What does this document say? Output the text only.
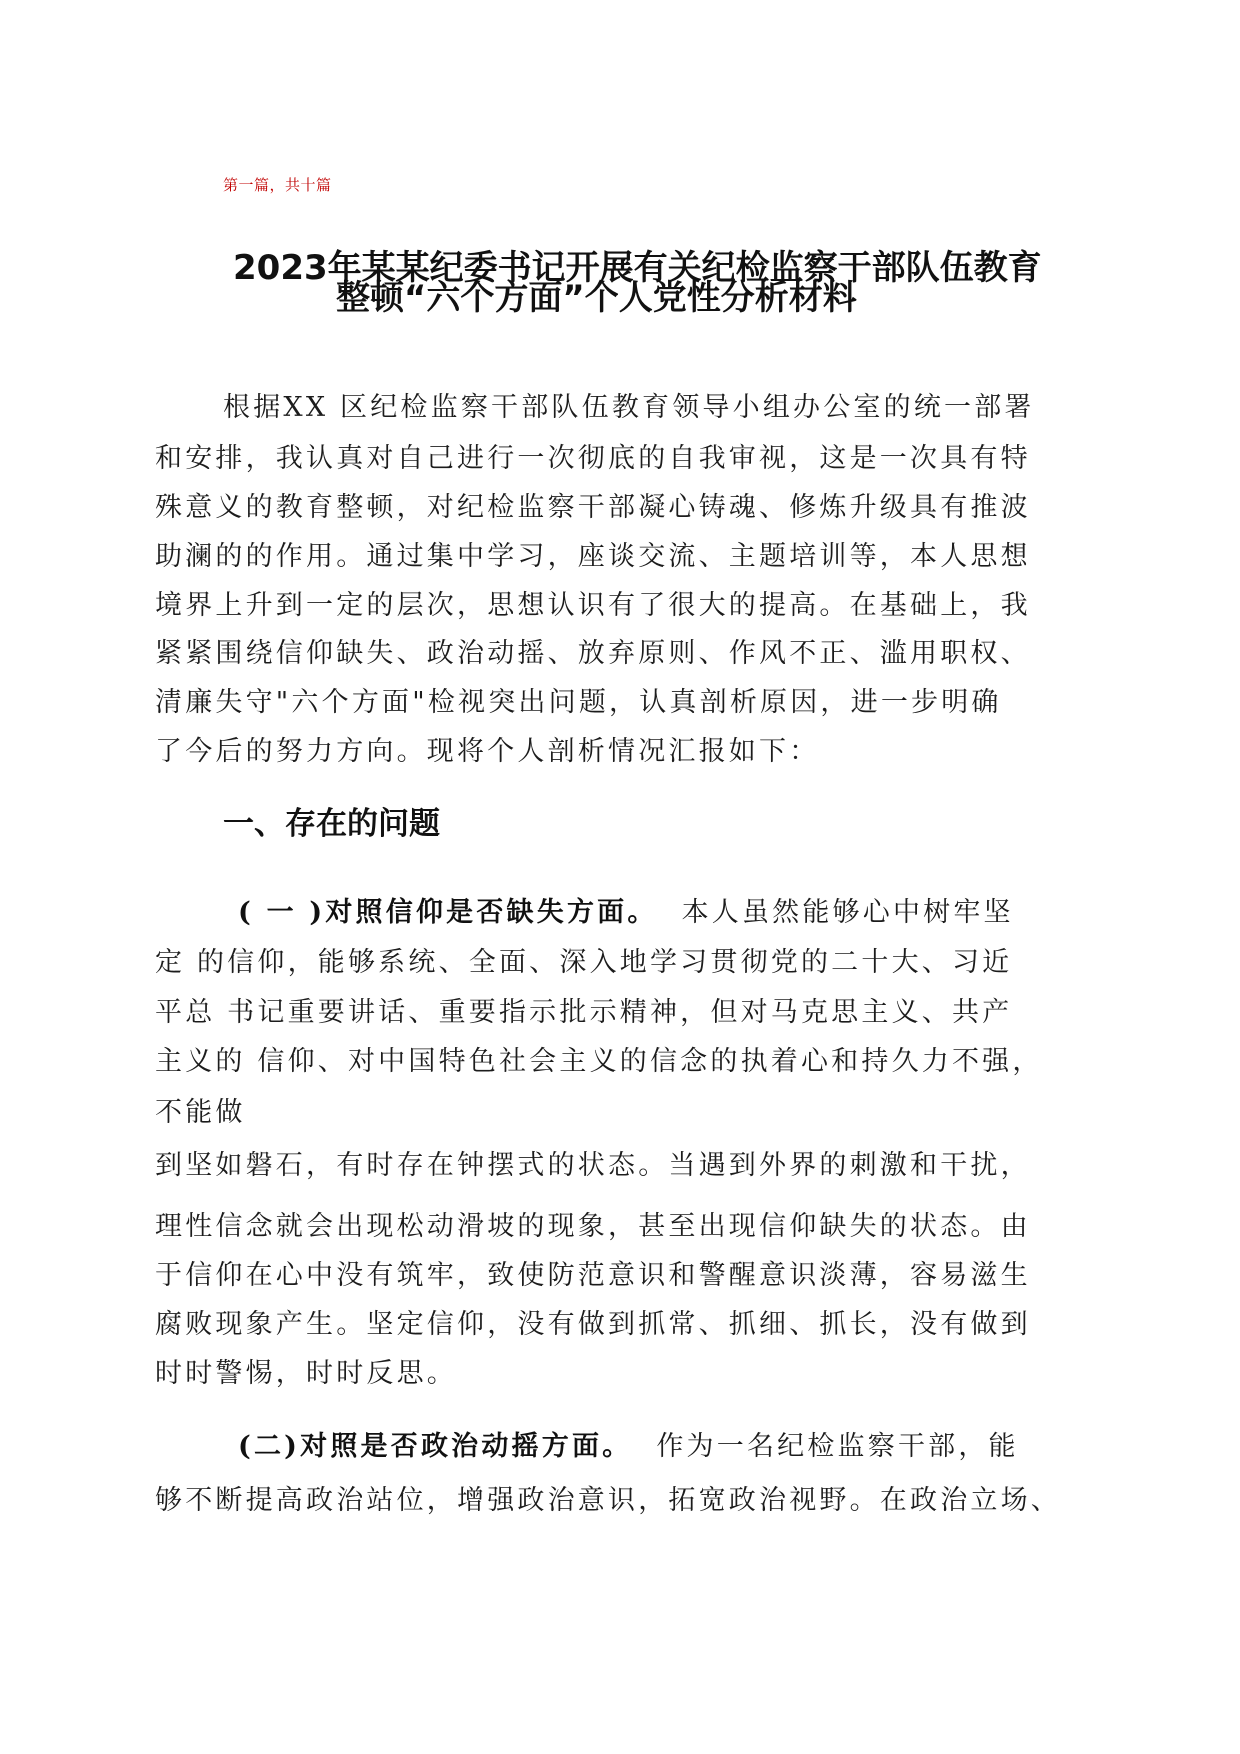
第一篇，共十篇
2023年某某纪委书记开展有关纪检监察干部队伍教育
整顿“六个方面”个人党性分析材料
根据XX 区纪检监察干部队伍教育领导小组办公室的统一部署
和安排，我认真对自己进行一次彻底的自我审视，这是一次具有特
殊意义的教育整顿，对纪检监察干部凝心铸魂、修炼升级具有推波
助澜的的作用。通过集中学习，座谈交流、主题培训等，本人思想
境界上升到一定的层次，思想认识有了很大的提高。在基础上，我
紧紧围绕信仰缺失、政治动摇、放弃原则、作风不正、滥用职权、
清廉失守"六个方面"检视突出问题，认真剖析原因，进一步明确
了今后的努力方向。现将个人剖析情况汇报如下：
一、存在的问题
( 一 )对照信仰是否缺失方面。 本人虽然能够心中树牢坚
定 的信仰，能够系统、全面、深入地学习贯彻党的二十大、习近
平总 书记重要讲话、重要指示批示精神，但对马克思主义、共产
主义的 信仰、对中国特色社会主义的信念的执着心和持久力不强，
不能做
到坚如磐石，有时存在钟摆式的状态。当遇到外界的刺激和干扰，
理性信念就会出现松动滑坡的现象，甚至出现信仰缺失的状态。由
于信仰在心中没有筑牢，致使防范意识和警醒意识淡薄，容易滋生
腐败现象产生。坚定信仰，没有做到抓常、抓细、抓长，没有做到
时时警惕，时时反思。
(二)对照是否政治动摇方面。 作为一名纪检监察干部，能
够不断提高政治站位，增强政治意识，拓宽政治视野。在政治立场、
